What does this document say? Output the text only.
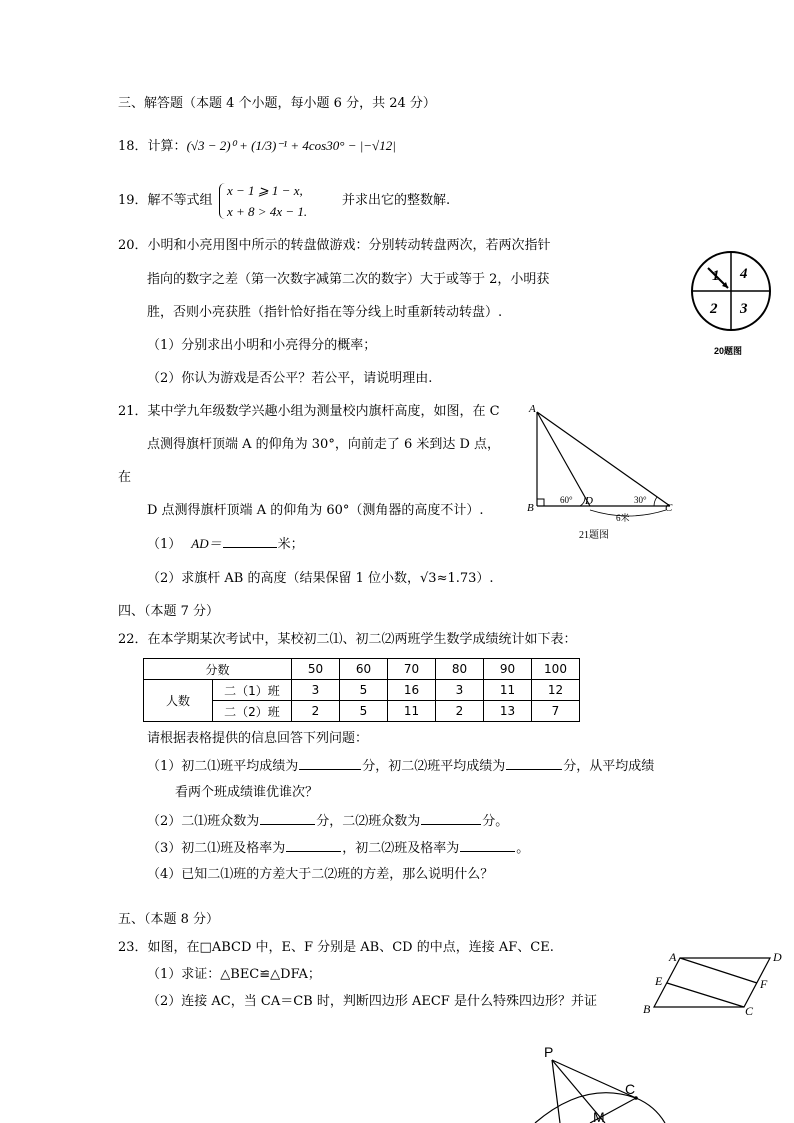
三、解答题（本题 4 个小题，每小题 6 分，共 24 分）
18．计算：(√3 − 2)⁰ + (1/3)⁻¹ + 4cos30° − |−√12|
19．解不等式组
x − 1 ⩾ 1 − x,
x + 8 > 4x − 1.
并求出它的整数解.
20．小明和小亮用图中所示的转盘做游戏：分别转动转盘两次，若两次指针
指向的数字之差（第一次数字减第二次的数字）大于或等于 2，小明获
胜，否则小亮获胜（指针恰好指在等分线上时重新转动转盘）.
（1）分别求出小明和小亮得分的概率；
（2）你认为游戏是否公平？若公平，请说明理由.
1 4
2 3
20题图
21．某中学九年级数学兴趣小组为测量校内旗杆高度，如图，在 C
点测得旗杆顶端 A 的仰角为 30°，向前走了 6 米到达 D 点，
在
D 点测得旗杆顶端 A 的仰角为 60°（测角器的高度不计）.
（1） AD＝	米；
（2）求旗杆 AB 的高度（结果保留 1 位小数，√3≈1.73）.
A
B
D
C
60°	30°
6米
21题图
四、（本题 7 分）
22．在本学期某次考试中，某校初二⑴、初二⑵两班学生数学成绩统计如下表：
分数		50	60	70	80	90	100
人数	二（1）班	3	5	16	3	11	12
	二（2）班	2	5	11	2	13	7
请根据表格提供的信息回答下列问题：
（1）初二⑴班平均成绩为	分，初二⑵班平均成绩为	分，从平均成绩
看两个班成绩谁优谁次？
（2）二⑴班众数为	分，二⑵班众数为	分。
（3）初二⑴班及格率为	，初二⑵班及格率为	。
（4）已知二⑴班的方差大于二⑵班的方差，那么说明什么？
五、（本题 8 分）
23．如图，在□ABCD 中，E、F 分别是 AB、CD 的中点，连接 AF、CE.
（1）求证：△BEC≌△DFA；
（2）连接 AC，当 CA＝CB 时，判断四边形 AECF 是什么特殊四边形？并证
A	D
E	F
B	C
P
C
M
